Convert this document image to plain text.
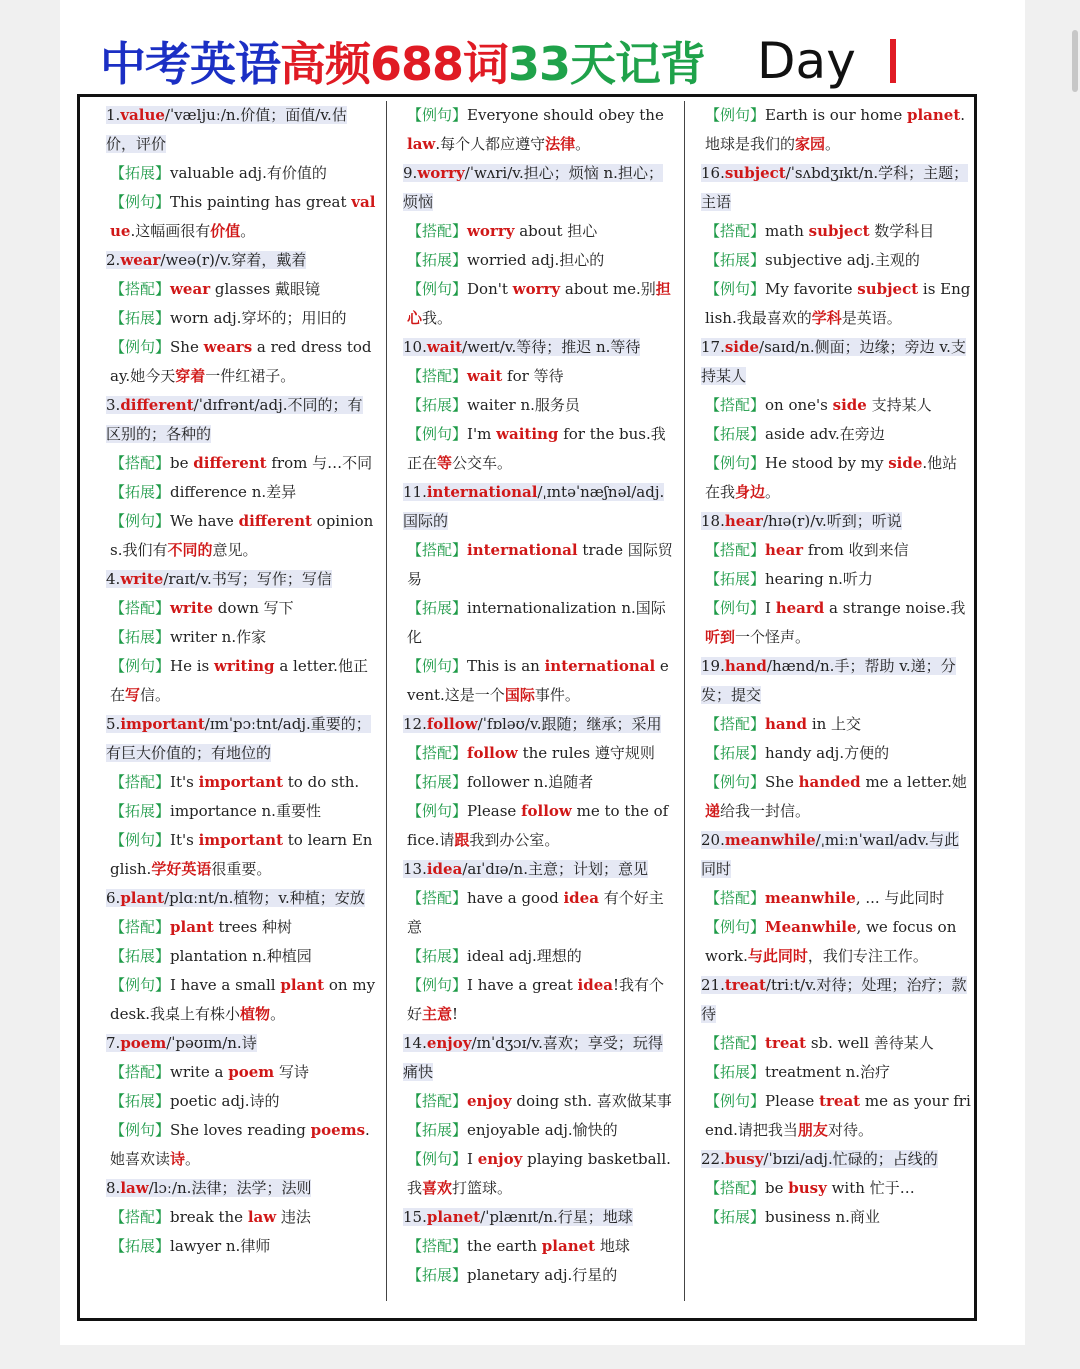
中考英语 高频688词 33天记背 Day

1.value/ˈvæljuː/n.价值；面值/v.估价，评价

【拓展】valuable adj.有价值的

【例句】This painting has great value.这幅画很有价值。

2.wear/weə(r)/v.穿着，戴着

【搭配】wear glasses 戴眼镜

【拓展】worn adj.穿坏的；用旧的

【例句】She wears a red dress today.她今天穿着一件红裙子。

3.different/ˈdɪfrənt/adj.不同的；有区别的；各种的

【搭配】be different from 与…不同

【拓展】difference n.差异

【例句】We have different opinions.我们有不同的意见。

4.write/raɪt/v.书写；写作；写信

【搭配】write down 写下

【拓展】writer n.作家

【例句】He is writing a letter.他正在写信。

5.important/ɪmˈpɔːtnt/adj.重要的；有巨大价值的；有地位的

【搭配】It's important to do sth.

【拓展】importance n.重要性

【例句】It's important to learn English.学好英语很重要。

6.plant/plɑːnt/n.植物；v.种植；安放

【搭配】plant trees 种树

【拓展】plantation n.种植园

【例句】I have a small plant on my desk.我桌上有株小植物。

7.poem/ˈpəʊɪm/n.诗

【搭配】write a poem 写诗

【拓展】poetic adj.诗的

【例句】She loves reading poems.她喜欢读诗。

8.law/lɔː/n.法律；法学；法则

【搭配】break the law 违法

【拓展】lawyer n.律师

【例句】Everyone should obey the law.每个人都应遵守法律。

9.worry/ˈwʌri/v.担心；烦恼 n.担心；烦恼

【搭配】worry about 担心

【拓展】worried adj.担心的

【例句】Don't worry about me.别担心我。

10.wait/weɪt/v.等待；推迟 n.等待

【搭配】wait for 等待

【拓展】waiter n.服务员

【例句】I'm waiting for the bus.我正在等公交车。

11.international/ˌɪntəˈnæʃnəl/adj.国际的

【搭配】international trade 国际贸易

【拓展】internationalization n.国际化

【例句】This is an international event.这是一个国际事件。

12.follow/ˈfɒləʊ/v.跟随；继承；采用

【搭配】follow the rules 遵守规则

【拓展】follower n.追随者

【例句】Please follow me to the office.请跟我到办公室。

13.idea/aɪˈdɪə/n.主意；计划；意见

【搭配】have a good idea 有个好主意

【拓展】ideal adj.理想的

【例句】I have a great idea!我有个好主意!

14.enjoy/ɪnˈdʒɔɪ/v.喜欢；享受；玩得痛快

【搭配】enjoy doing sth. 喜欢做某事

【拓展】enjoyable adj.愉快的

【例句】I enjoy playing basketball.我喜欢打篮球。

15.planet/ˈplænɪt/n.行星；地球

【搭配】the earth planet 地球

【拓展】planetary adj.行星的

【例句】Earth is our home planet.地球是我们的家园。

16.subject/ˈsʌbdʒɪkt/n.学科；主题；主语

【搭配】math subject 数学科目

【拓展】subjective adj.主观的

【例句】My favorite subject is English.我最喜欢的学科是英语。

17.side/saɪd/n.侧面；边缘；旁边 v.支持某人

【搭配】on one's side 支持某人

【拓展】aside adv.在旁边

【例句】He stood by my side.他站在我身边。

18.hear/hɪə(r)/v.听到；听说

【搭配】hear from 收到来信

【拓展】hearing n.听力

【例句】I heard a strange noise.我听到一个怪声。

19.hand/hænd/n.手；帮助 v.递；分发；提交

【搭配】hand in 上交

【拓展】handy adj.方便的

【例句】She handed me a letter.她递给我一封信。

20.meanwhile/ˌmiːnˈwaɪl/adv.与此同时

【搭配】meanwhile, ... 与此同时

【例句】Meanwhile, we focus on work.与此同时，我们专注工作。

21.treat/triːt/v.对待；处理；治疗；款待

【搭配】treat sb. well 善待某人

【拓展】treatment n.治疗

【例句】Please treat me as your friend.请把我当朋友对待。

22.busy/ˈbɪzi/adj.忙碌的；占线的

【搭配】be busy with 忙于…

【拓展】business n.商业
